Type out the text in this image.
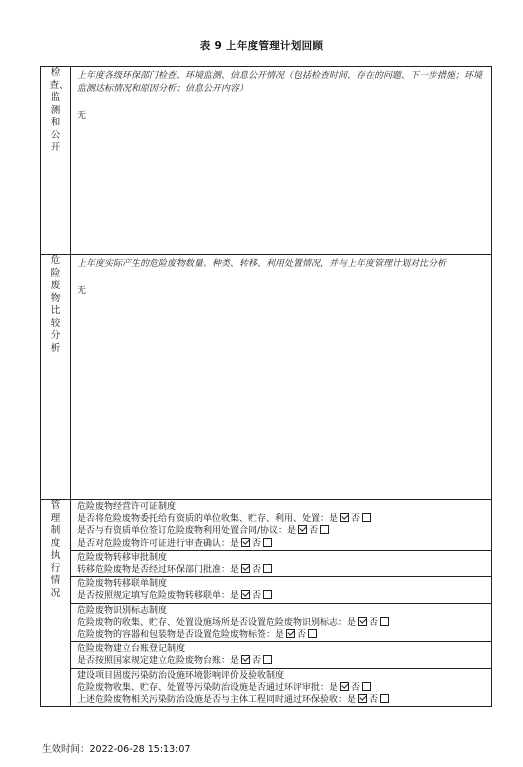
表 9 上年度管理计划回顾
检查、监测和公开	上年度各级环保部门检查、环境监测、信息公开情况（包括检查时间、存在的问题、下一步措施；环境监测达标情况和原因分析；信息公开内容）
无

危险废物比较分析	上年度实际产生的危险废物数量、种类、转移、利用处置情况，并与上年度管理计划对比分析
无

管理制度执行情况	危险废物经营许可证制度
是否将危险废物委托给有资质的单位收集、贮存、利用、处置：是 否
是否与有资质单位签订危险废物利用处置合同/协议：是 否
是否对危险废物许可证进行审查确认：是 否

	危险废物转移审批制度
转移危险废物是否经过环保部门批准：是 否

	危险废物转移联单制度
是否按照规定填写危险废物转移联单：是 否

	危险废物识别标志制度
危险废物的收集、贮存、处置设施场所是否设置危险废物识别标志：是 否
危险废物的容器和包装物是否设置危险废物标签：是 否

	危险废物建立台账登记制度
是否按照国家规定建立危险废物台账：是 否

	建设项目固废污染防治设施环境影响评价及验收制度
危险废物收集、贮存、处置等污染防治设施是否通过环评审批：是 否
上述危险废物相关污染防治设施是否与主体工程同时通过环保验收：是 否
生效时间：2022-06-28 15:13:07
